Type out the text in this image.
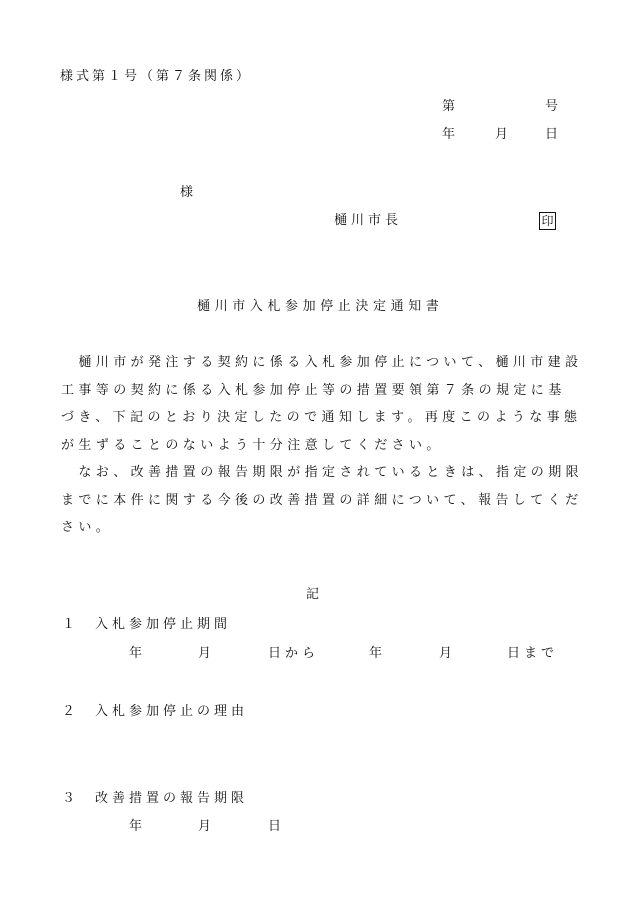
様式第１号（第７条関係）
第	号
年	月	日
様
樋川市長	印
樋川市入札参加停止決定通知書
　樋川市が発注する契約に係る入札参加停止について、樋川市建設
工事等の契約に係る入札参加停止等の措置要領第７条の規定に基
づき、下記のとおり決定したので通知します。再度このような事態
が生ずることのないよう十分注意してください。
　なお、改善措置の報告期限が指定されているときは、指定の期限
までに本件に関する今後の改善措置の詳細について、報告してくだ
さい。
記
１ 入札参加停止期間
年	月	日から	年	月	日まで
２ 入札参加停止の理由
３ 改善措置の報告期限
年	月	日
